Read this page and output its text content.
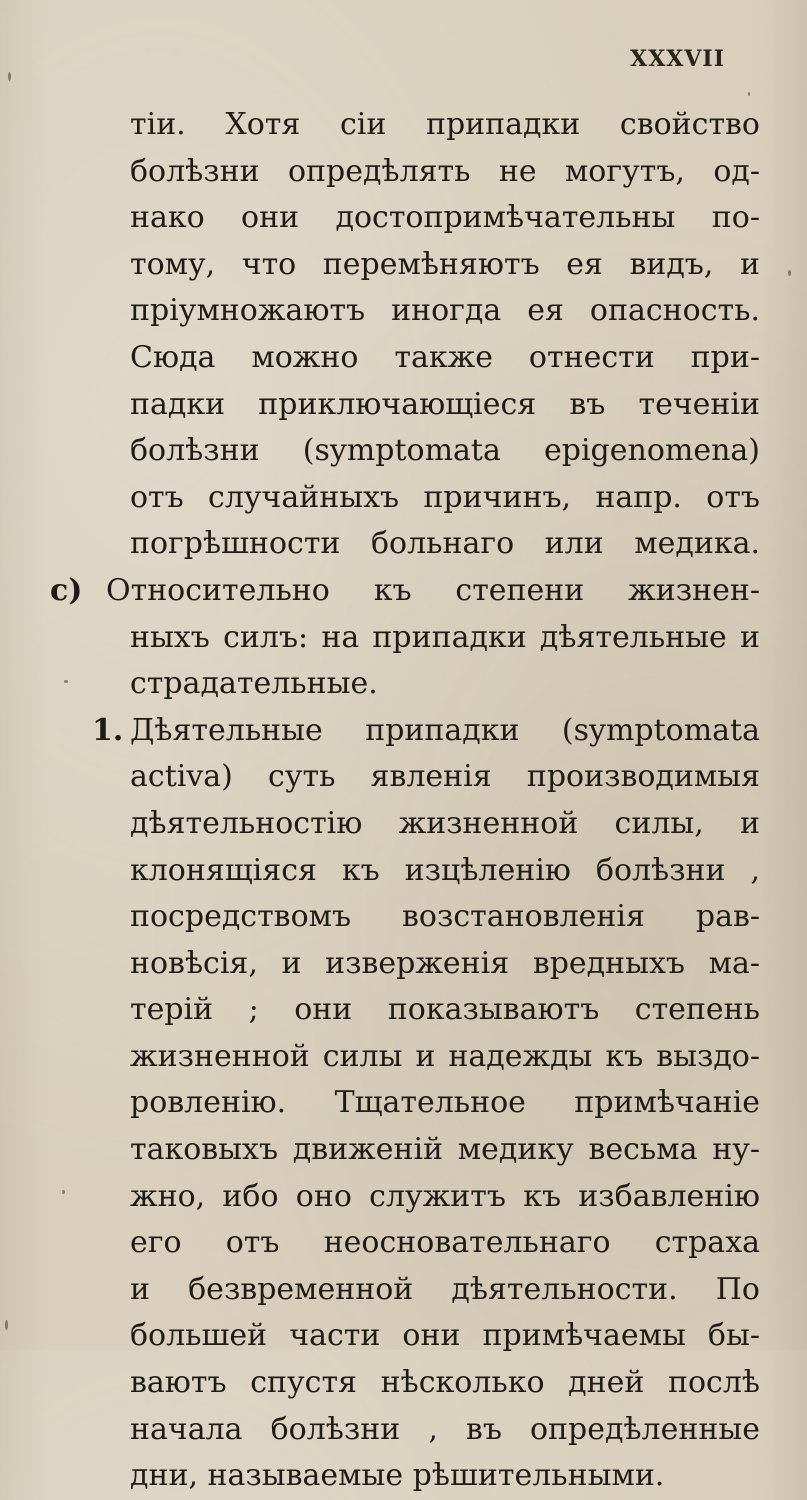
XXXVII
тiи. Хотя сiи припадки свойство
болѣзни опредѣлять не могутъ, од-
нако они достопримѣчательны по-
тому, что перемѣняютъ ея видъ, и
прiумножаютъ иногда ея опасность.
Сюда можно также отнести при-
падки приключающiеся въ теченiи
болѣзни (symptomata epigenomena)
отъ случайныхъ причинъ, напр. отъ
погрѣшности больнаго или медика.
c) Относительно къ степени жизнен-
ныхъ силъ: на припадки дѣятельные и
страдательные.
1. Дѣятельные припадки (symptomata
activa) суть явленiя производимыя
дѣятельностiю жизненной силы, и
клонящiяся къ изцѣленiю болѣзни ,
посредствомъ возстановленiя рав-
новѣсiя, и изверженiя вредныхъ ма-
терiй ; они показываютъ степень
жизненной силы и надежды къ выздо-
ровленiю. Тщательное примѣчанiе
таковыхъ движенiй медику весьма ну-
жно, ибо оно служитъ къ избавленiю
его отъ неосновательнаго страха
и безвременной дѣятельности. По
большей части они примѣчаемы бы-
ваютъ спустя нѣсколько дней послѣ
начала болѣзни , въ опредѣленные
дни, называемые рѣшительными.
